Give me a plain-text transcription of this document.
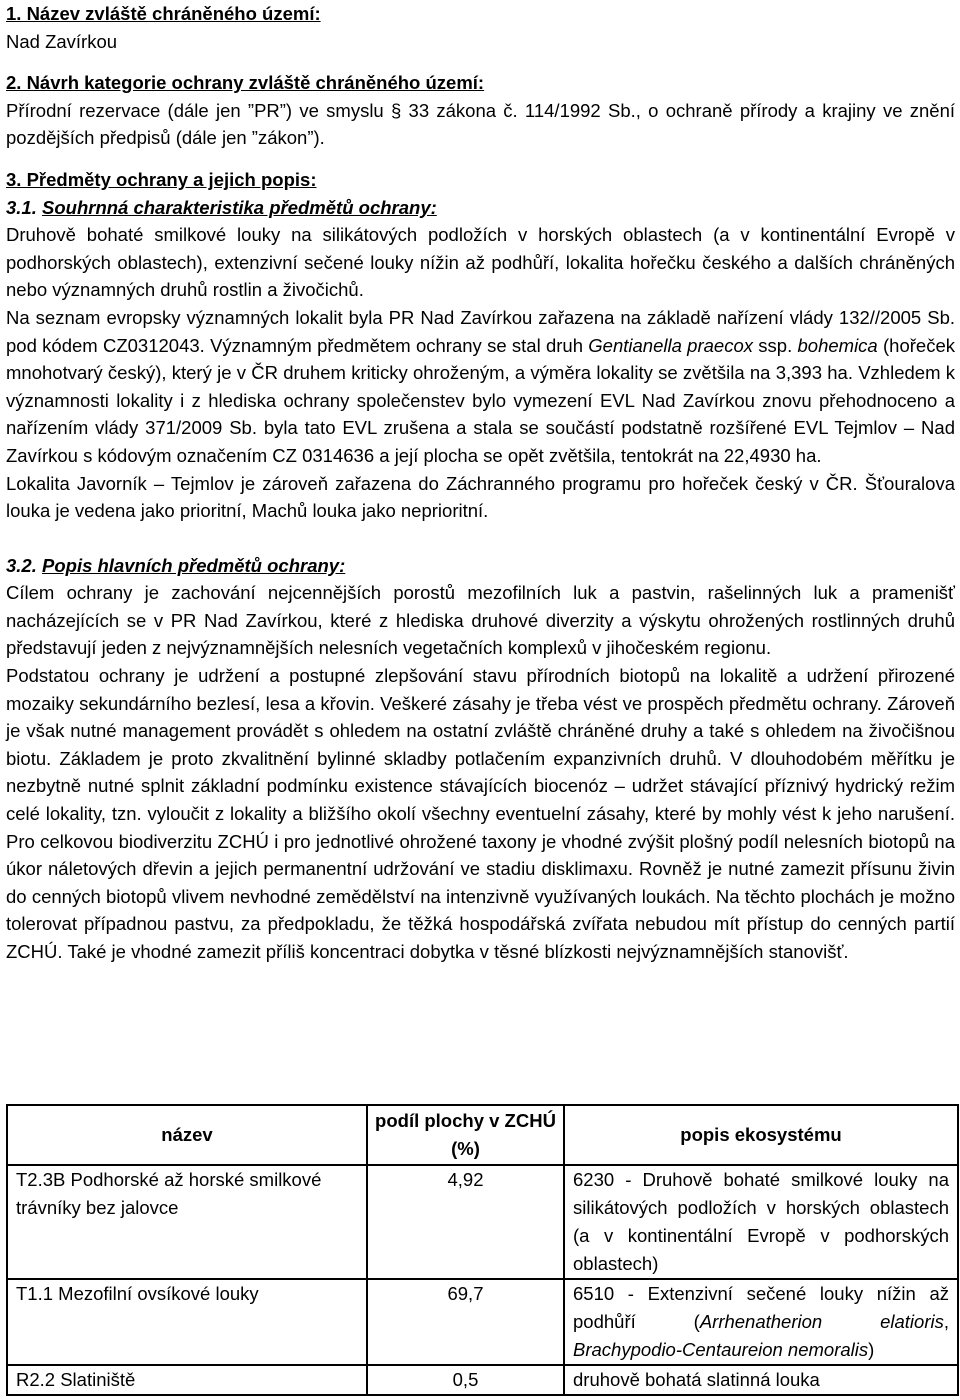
1. Název zvláště chráněného území:

Nad Zavírkou

2. Návrh kategorie ochrany zvláště chráněného území:

Přírodní rezervace (dále jen ”PR”) ve smyslu § 33 zákona č. 114/1992 Sb., o ochraně přírody a krajiny ve znění pozdějších předpisů (dále jen ”zákon”).

3. Předměty ochrany a jejich popis:

3.1. Souhrnná charakteristika předmětů ochrany:

Druhově bohaté smilkové louky na silikátových podložích v horských oblastech (a v kontinentální Evropě v podhorských oblastech), extenzivní sečené louky nížin až podhůří, lokalita hořečku českého a dalších chráněných nebo významných druhů rostlin a živočichů.

Na seznam evropsky významných lokalit byla PR Nad Zavírkou zařazena na základě nařízení vlády 132//2005 Sb. pod kódem CZ0312043. Významným předmětem ochrany se stal druh Gentianella praecox ssp. bohemica (hořeček mnohotvarý český), který je v ČR druhem kriticky ohroženým, a výměra lokality se zvětšila na 3,393 ha. Vzhledem k významnosti lokality i z hlediska ochrany společenstev bylo vymezení EVL Nad Zavírkou znovu přehodnoceno a nařízením vlády 371/2009 Sb. byla tato EVL zrušena a stala se součástí podstatně rozšířené EVL Tejmlov – Nad Zavírkou s kódovým označením CZ 0314636 a její plocha se opět zvětšila, tentokrát na 22,4930 ha.

Lokalita Javorník – Tejmlov je zároveň zařazena do Záchranného programu pro hořeček český v ČR. Šťouralova louka je vedena jako prioritní, Machů louka jako neprioritní.

3.2. Popis hlavních předmětů ochrany:

Cílem ochrany je zachování nejcennějších porostů mezofilních luk a pastvin, rašelinných luk a pramenišť nacházejících se v PR Nad Zavírkou, které z hlediska druhové diverzity a výskytu ohrožených rostlinných druhů představují jeden z nejvýznamnějších nelesních vegetačních komplexů v jihočeském regionu.

Podstatou ochrany je udržení a postupné zlepšování stavu přírodních biotopů na lokalitě a udržení přirozené mozaiky sekundárního bezlesí, lesa a křovin. Veškeré zásahy je třeba vést ve prospěch předmětu ochrany. Zároveň je však nutné management provádět s ohledem na ostatní zvláště chráněné druhy a také s ohledem na živočišnou biotu. Základem je proto zkvalitnění bylinné skladby potlačením expanzivních druhů. V dlouhodobém měřítku je nezbytně nutné splnit základní podmínku existence stávajících biocenóz – udržet stávající příznivý hydrický režim celé lokality, tzn. vyloučit z lokality a bližšího okolí všechny eventuelní zásahy, které by mohly vést k jeho narušení. Pro celkovou biodiverzitu ZCHÚ i pro jednotlivé ohrožené taxony je vhodné zvýšit plošný podíl nelesních biotopů na úkor náletových dřevin a jejich permanentní udržování ve stadiu disklimaxu. Rovněž je nutné zamezit přísunu živin do cenných biotopů vlivem nevhodné zemědělství na intenzivně využívaných loukách. Na těchto plochách je možno tolerovat případnou pastvu, za předpokladu, že těžká hospodářská zvířata nebudou mít přístup do cenných partií ZCHÚ. Také je vhodné zamezit příliš koncentraci dobytka v těsné blízkosti nejvýznamnějších stanovišť.

název	podíl plochy v ZCHÚ (%)	popis ekosystému
T2.3B Podhorské až horské smilkové trávníky bez jalovce	4,92	6230 - Druhově bohaté smilkové louky na silikátových podložích v horských oblastech (a v kontinentální Evropě v podhorských oblastech)
T1.1 Mezofilní ovsíkové louky	69,7	6510 - Extenzivní sečené louky nížin až podhůří (Arrhenatherion elatioris, Brachypodio-Centaureion nemoralis)
R2.2 Slatiniště	0,5	druhově bohatá slatinná louka
